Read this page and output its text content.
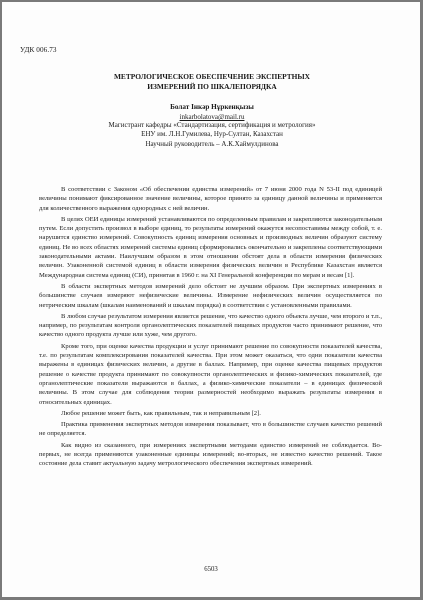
УДК 006.73
МЕТРОЛОГИЧЕСКОЕ ОБЕСПЕЧЕНИЕ ЭКСПЕРТНЫХ
ИЗМЕРЕНИЙ ПО ШКАЛЕПОРЯДКА
Болат Інкәр Нұркенқызы
inkarbolatova@mail.ru
Магистрант кафедры «Стандартизация, сертификация и метрология»
ЕНУ им. Л.Н.Гумилева, Нур-Султан, Казахстан
Научный руководитель – А.К.Хаймулдинова

В соответствии с Законом «Об обеспечении единства измерений» от 7 июня 2000 года N 53-II под единицей величины понимают фиксированное значение величины, которое принято за единицу данной величины и применяется для количественного выражения однородных с ней величин.

В целях ОЕИ единицы измерений устанавливаются по определенным правилам и закрепляются законодательным путем. Если допустить произвол в выборе единиц, то результаты измерений окажутся несопоставимы между собой, т. е. нарушится единство измерений. Совокупность единиц измерения основных и производных величин образуют систему единиц. Не во всех областях измерений системы единиц сформировались окончательно и закреплены соответствующими законодательными актами. Наилучшим образом в этом отношении обстоят дела в области измерения физических величин. Узаконенной системой единиц в области измерения физических величин в Республике Казахстан является Международная система единиц (СИ), принятая в 1960 г. на XI Генеральной конференции по мерам и весам [1].

В области экспертных методов измерений дело обстоит не лучшим образом. При экспертных измерениях в большинстве случаев измеряют нефизические величины. Измерение нефизических величин осуществляется по нетрическим шкалам (шкалам наименований и шкалам порядка) в соответствии с установленными правилами.

В любом случае результатом измерения является решение, что качество одного объекта лучше, чем второго и т.п., например, по результатам контроля органолептических показателей пищевых продуктов часто принимают решение, что качество одного продукта лучше или хуже, чем другого.

Кроме того, при оценке качества продукции и услуг принимают решение по совокупности показателей качества, т.е. по результатам комплексирования показателей качества. При этом может оказаться, что одни показатели качества выражены в единицах физических величин, а другие в баллах. Например, при оценке качества пищевых продуктов решение о качестве продукта принимают по совокупности органолептических и физико-химических показателей, где органолептические показатели выражаются в баллах, а физико-химические показатели – в единицах физической величины. В этом случае для соблюдения теории размерностей необходимо выражать результаты измерения в относительных единицах.

Любое решение может быть, как правильным, так и неправильным [2].

Практика применения экспертных методов измерения показывает, что в большинстве случаев качество решений не определяется.

Как видно из сказанного, при измерениях экспертными методами единство измерений не соблюдается. Во-первых, не всегда применяются узаконенные единицы измерений; во-вторых, не известно качество решений. Такое состояние дела ставит актуальную задачу метрологического обеспечения экспертных измерений.

6503
